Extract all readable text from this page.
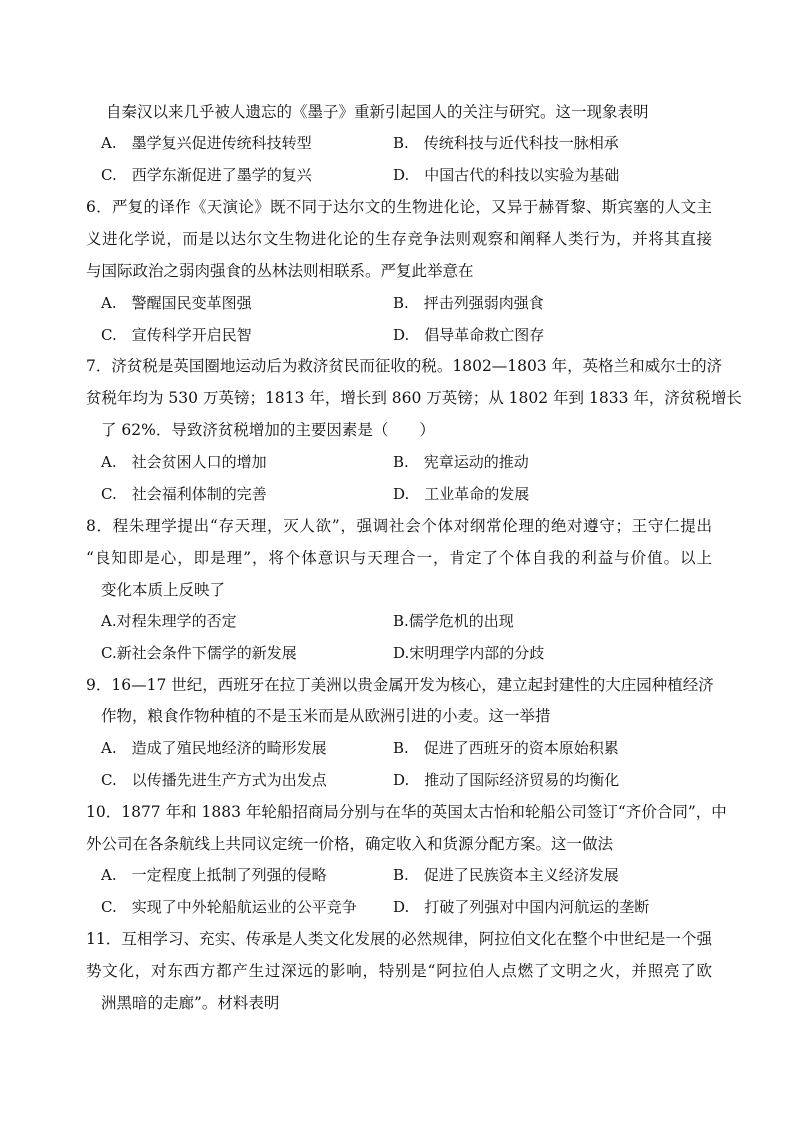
自秦汉以来几乎被人遗忘的《墨子》重新引起国人的关注与研究。这一现象表明
A.　墨学复兴促进传统科技转型	B.　传统科技与近代科技一脉相承
C.　西学东渐促进了墨学的复兴	D.　中国古代的科技以实验为基础
6．严复的译作《天演论》既不同于达尔文的生物进化论，又异于赫胥黎、斯宾塞的人文主
义进化学说，而是以达尔文生物进化论的生存竞争法则观察和阐释人类行为，并将其直接
与国际政治之弱肉强食的丛林法则相联系。严复此举意在
A.　警醒国民变革图强	B.　抨击列强弱肉强食
C.　宣传科学开启民智	D.　倡导革命救亡图存
7．济贫税是英国圈地运动后为救济贫民而征收的税。1802—1803 年，英格兰和威尔士的济
贫税年均为 530 万英镑；1813 年，增长到 860 万英镑；从 1802 年到 1833 年，济贫税增长
了 62%．导致济贫税增加的主要因素是（　　）
A.　社会贫困人口的增加	B.　宪章运动的推动
C.　社会福利体制的完善	D.　工业革命的发展
8．程朱理学提出“存天理，灭人欲”，强调社会个体对纲常伦理的绝对遵守；王守仁提出
“良知即是心，即是理”，将个体意识与天理合一，肯定了个体自我的利益与价值。以上
变化本质上反映了
A.对程朱理学的否定	B.儒学危机的出现
C.新社会条件下儒学的新发展	D.宋明理学内部的分歧
9．16—17 世纪，西班牙在拉丁美洲以贵金属开发为核心，建立起封建性的大庄园种植经济
作物，粮食作物种植的不是玉米而是从欧洲引进的小麦。这一举措
A.　造成了殖民地经济的畸形发展	B.　促进了西班牙的资本原始积累
C.　以传播先进生产方式为出发点	D.　推动了国际经济贸易的均衡化
10．1877 年和 1883 年轮船招商局分别与在华的英国太古怡和轮船公司签订“齐价合同”，中
外公司在各条航线上共同议定统一价格，确定收入和货源分配方案。这一做法
A.　一定程度上抵制了列强的侵略	B.　促进了民族资本主义经济发展
C.　实现了中外轮船航运业的公平竞争 D.　打破了列强对中国内河航运的垄断
11．互相学习、充实、传承是人类文化发展的必然规律，阿拉伯文化在整个中世纪是一个强
势文化，对东西方都产生过深远的影响，特别是“阿拉伯人点燃了文明之火，并照亮了欧
洲黑暗的走廊”。材料表明
